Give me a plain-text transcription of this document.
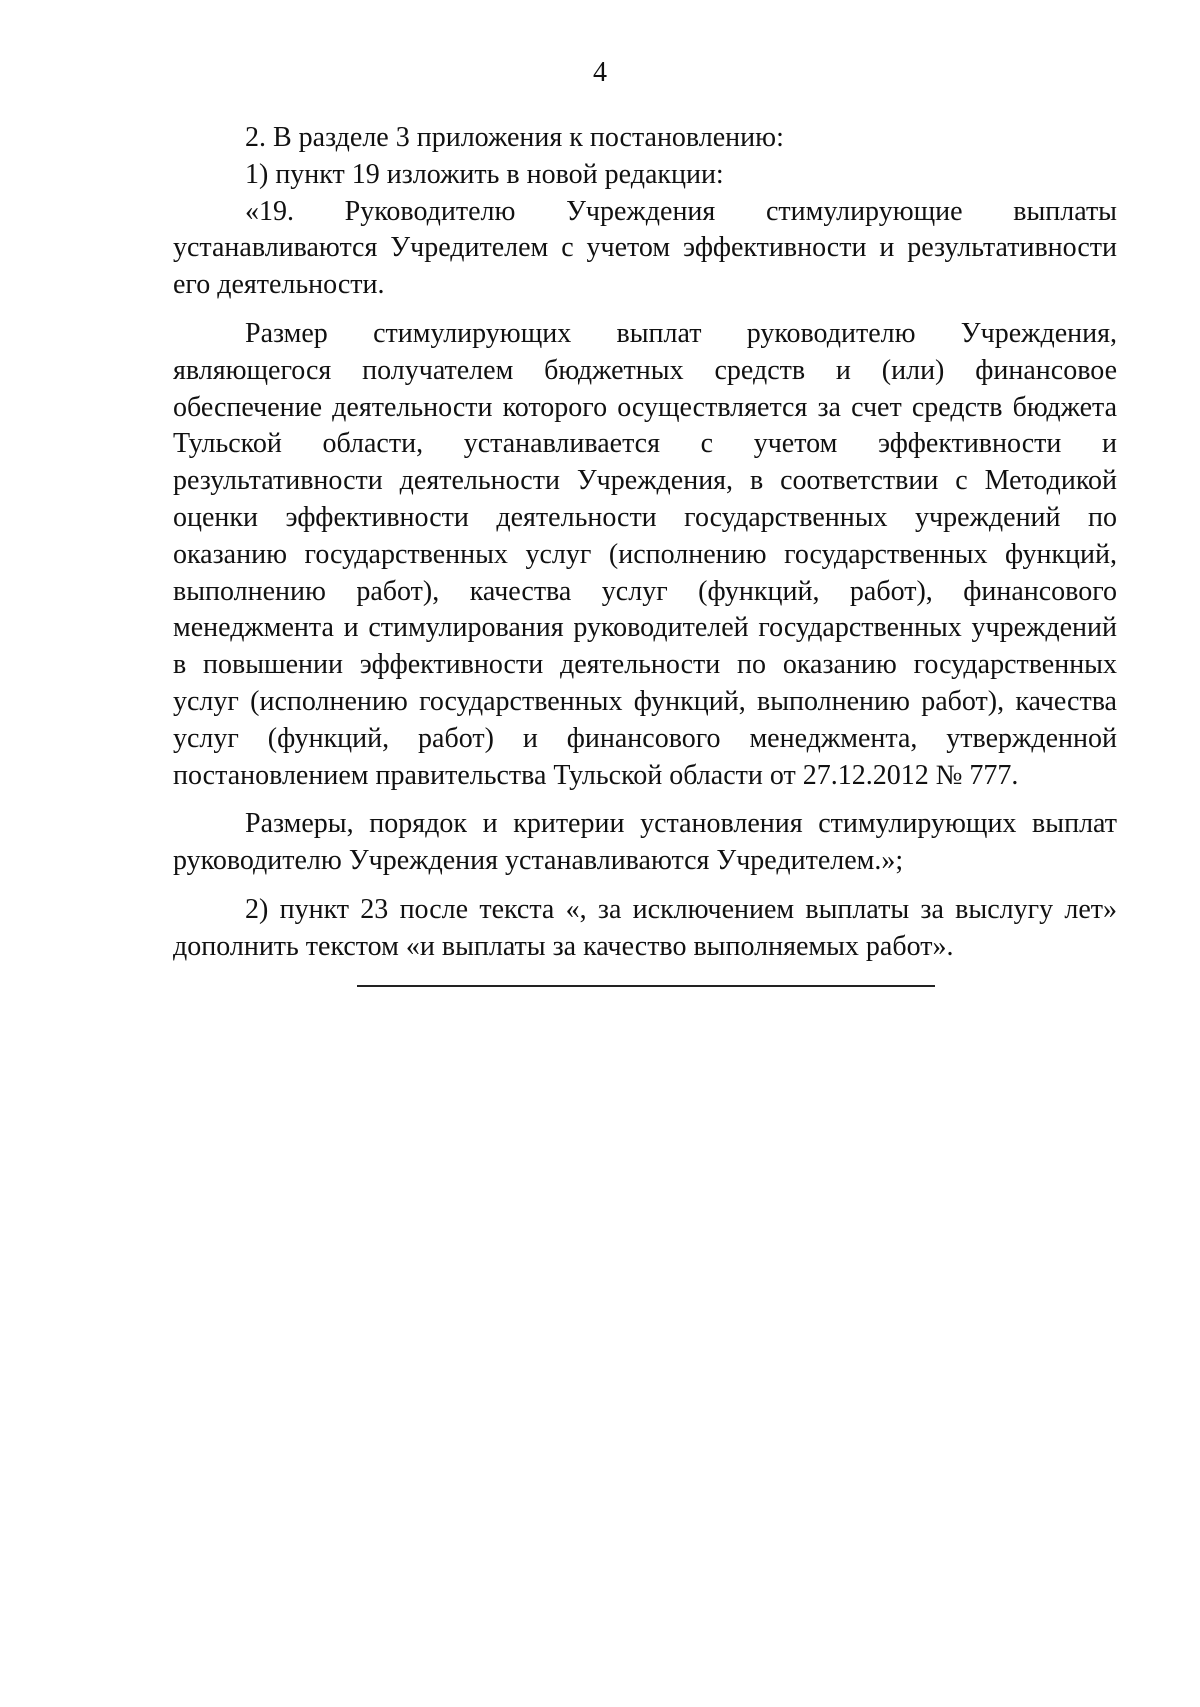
4

2. В разделе 3 приложения к постановлению:

1) пункт 19 изложить в новой редакции:

«19. Руководителю Учреждения стимулирующие выплаты устанавливаются Учредителем с учетом эффективности и результативности его деятельности.

Размер стимулирующих выплат руководителю Учреждения, являющегося получателем бюджетных средств и (или) финансовое обеспечение деятельности которого осуществляется за счет средств бюджета Тульской области, устанавливается с учетом эффективности и результативности деятельности Учреждения, в соответствии с Методикой оценки эффективности деятельности государственных учреждений по оказанию государственных услуг (исполнению государственных функций, выполнению работ), качества услуг (функций, работ), финансового менеджмента и стимулирования руководителей государственных учреждений в повышении эффективности деятельности по оказанию государственных услуг (исполнению государственных функций, выполнению работ), качества услуг (функций, работ) и финансового менеджмента, утвержденной постановлением правительства Тульской области от 27.12.2012 № 777.

Размеры, порядок и критерии установления стимулирующих выплат руководителю Учреждения устанавливаются Учредителем.»;

2) пункт 23 после текста «, за исключением выплаты за выслугу лет» дополнить текстом «и выплаты за качество выполняемых работ».
